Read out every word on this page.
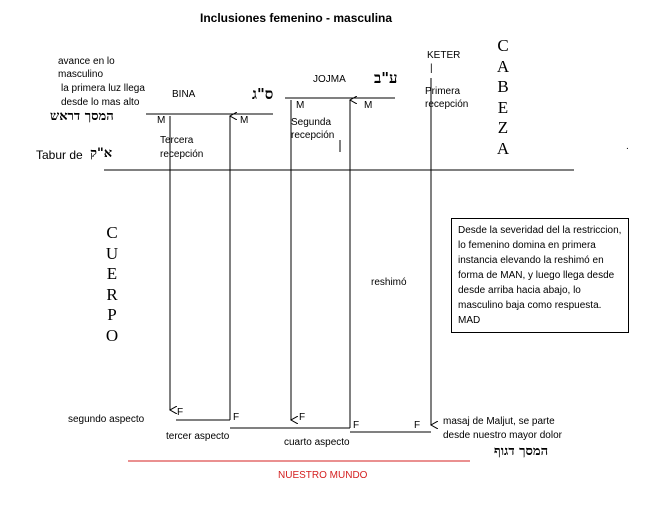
Inclusiones femenino - masculina
avance en lo
masculino
la primera luz llega
desde lo mas alto
המסך דראש
Tabur de א"ק
BINA	ס"ג
M	M
JOJMA ע"ב
M	M
KETER
|
Primera
recepción
Segunda
recepción
Tercera
recepción
C
A
B
E
Z
A	.
C
U
E
R
P
O
Desde la severidad del la restriccion, lo femenino domina en primera instancia elevando la reshimó en forma de MAN, y luego llega desde desde arriba hacia abajo, lo masculino baja como respuesta. MAD
reshimó
F	F	F
F	F
segundo aspecto
tercer aspecto
cuarto aspecto
masaj de Maljut, se parte
desde nuestro mayor dolor
המסך דגוף
NUESTRO MUNDO
